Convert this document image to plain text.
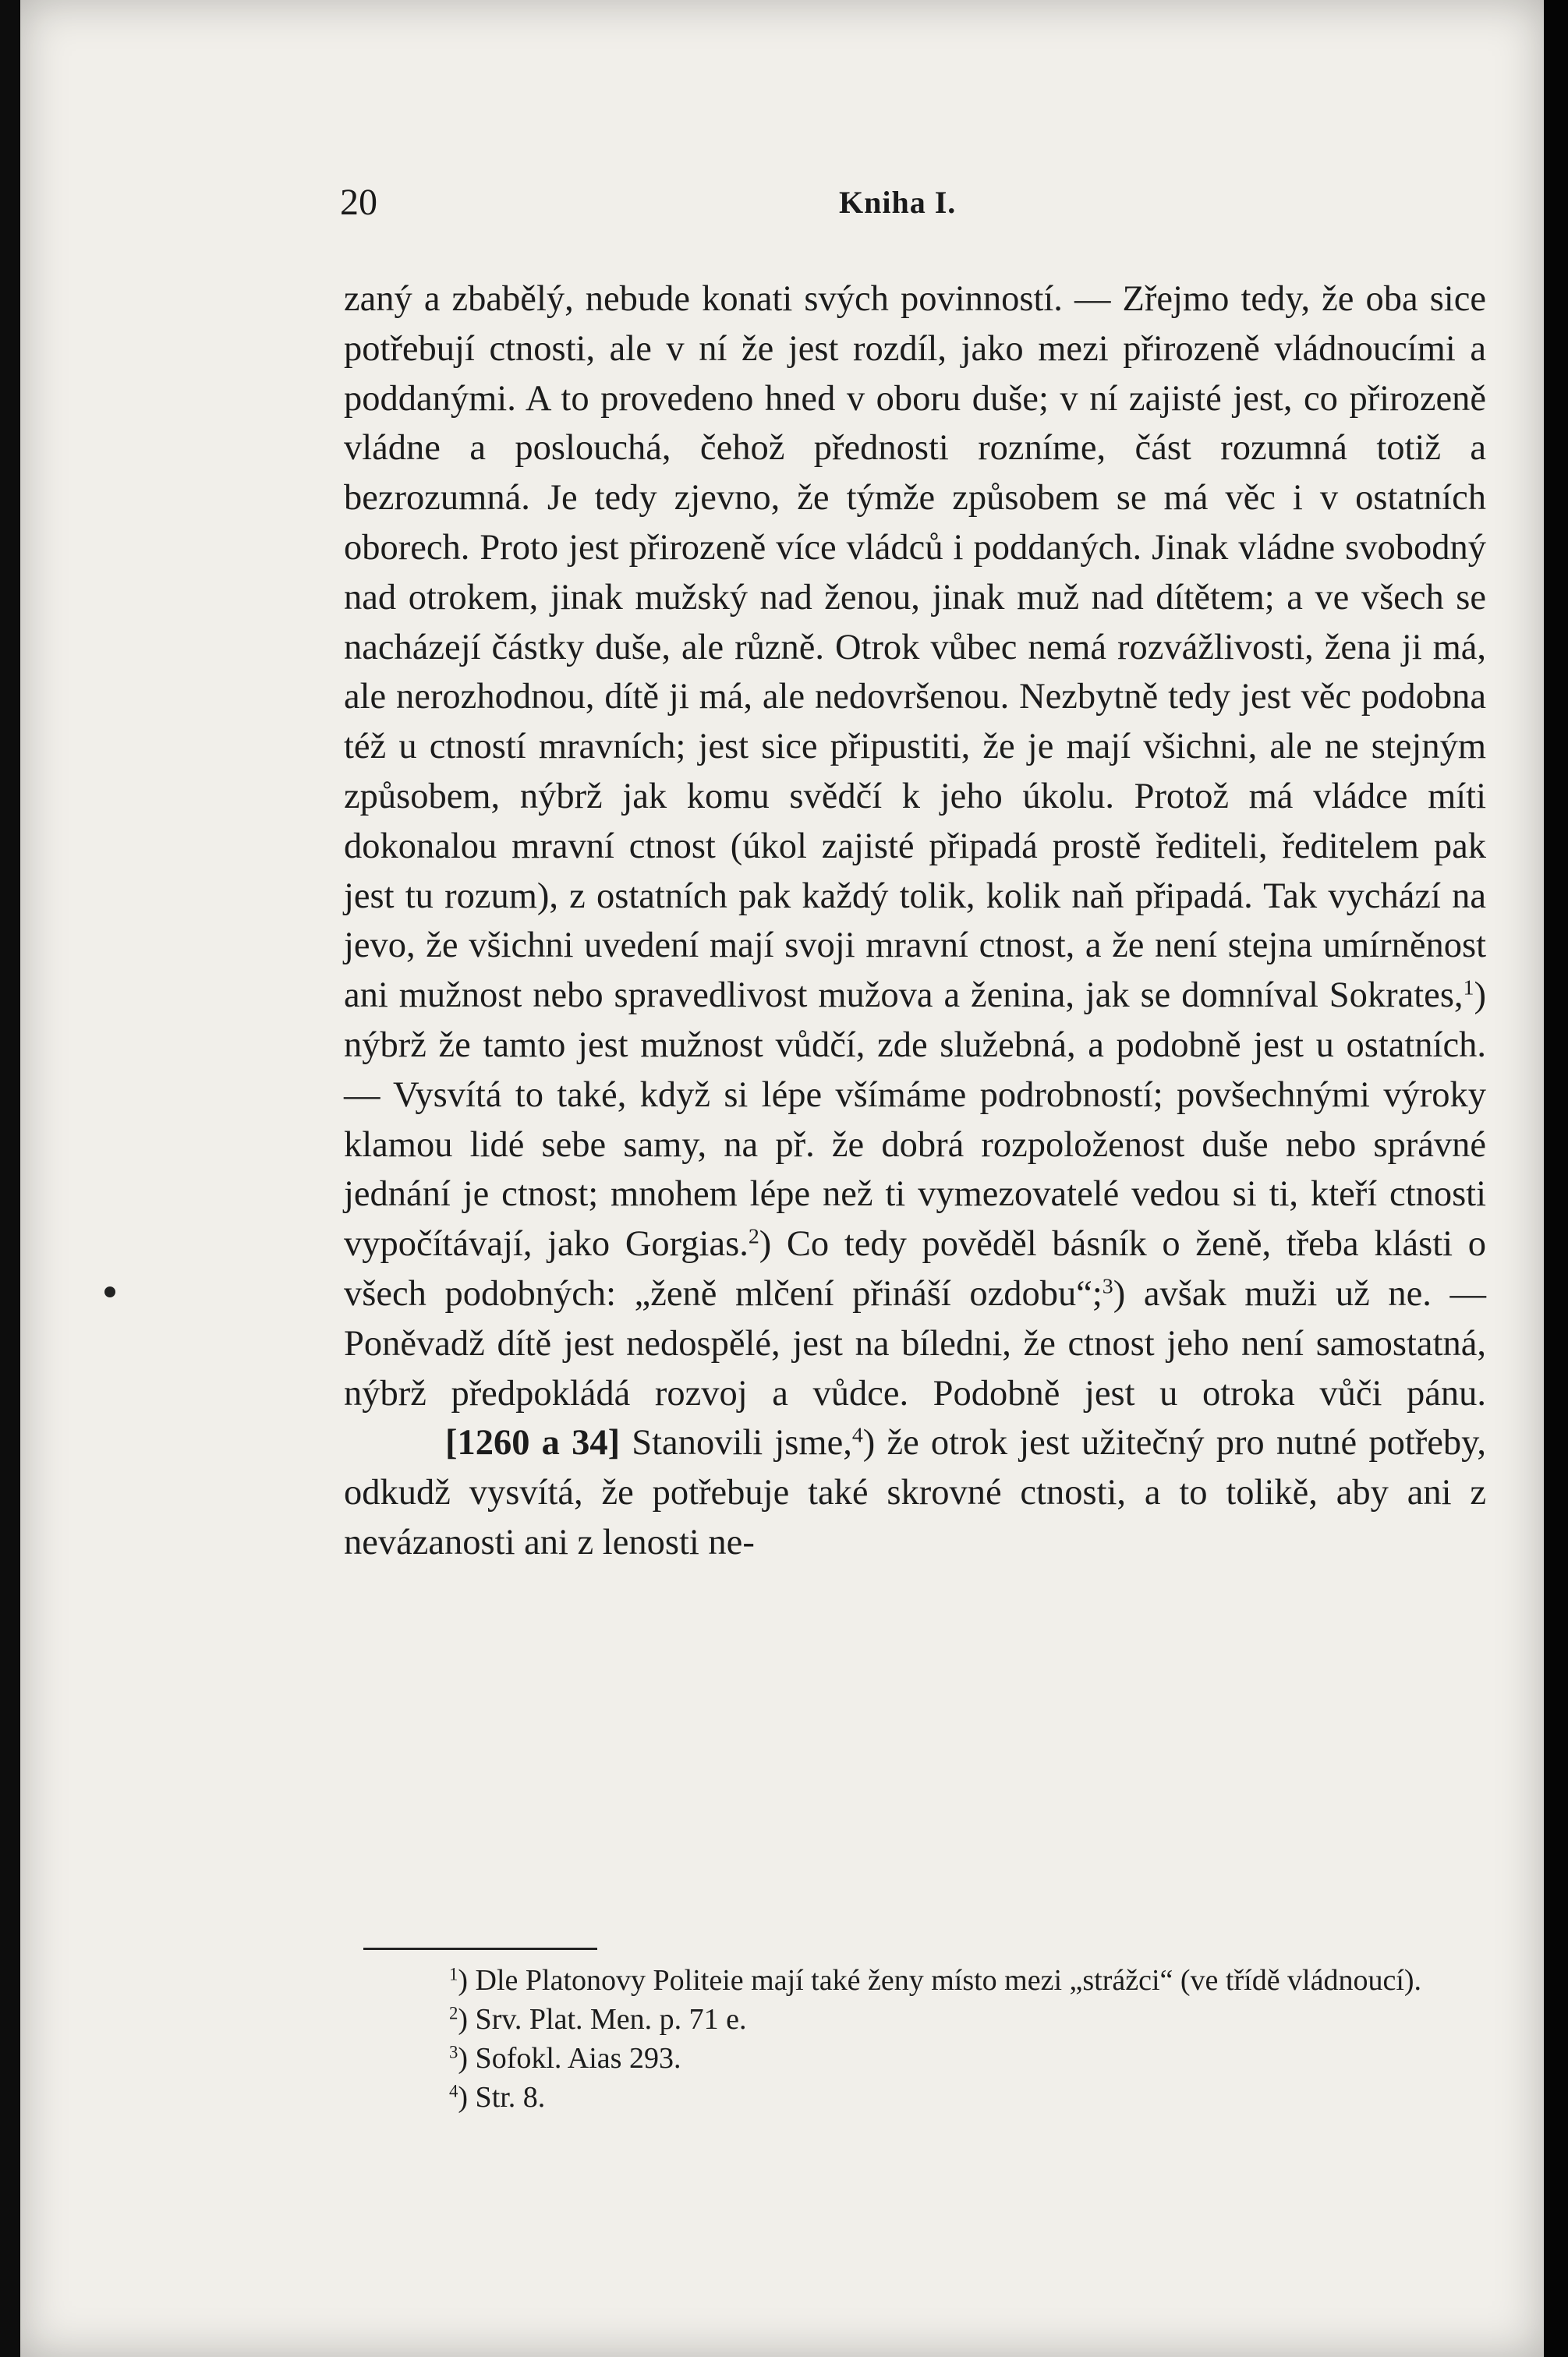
20	Kniha I.

zaný a zbabělý, nebude konati svých povinností. — Zřejmo tedy, že oba sice potřebují ctnosti, ale v ní že jest rozdíl, jako mezi přirozeně vládnoucími a poddanými. A to provedeno hned v oboru duše; v ní zajisté jest, co přirozeně vládne a poslouchá, čehož přednosti rozníme, část rozumná totiž a bezrozumná. Je tedy zjevno, že týmže způsobem se má věc i v ostatních oborech. Proto jest přirozeně více vládců i poddaných. Jinak vládne svobodný nad otrokem, jinak mužský nad ženou, jinak muž nad dítětem; a ve všech se nacházejí částky duše, ale různě. Otrok vůbec nemá rozvážlivosti, žena ji má, ale nerozhodnou, dítě ji má, ale nedovršenou. Nezbytně tedy jest věc podobna též u ctností mravních; jest sice připustiti, že je mají všichni, ale ne stejným způsobem, nýbrž jak komu svědčí k jeho úkolu. Protož má vládce míti dokonalou mravní ctnost (úkol zajisté připadá prostě řediteli, ředitelem pak jest tu rozum), z ostatních pak každý tolik, kolik naň připadá. Tak vychází na jevo, že všichni uvedení mají svoji mravní ctnost, a že není stejna umírněnost ani mužnost nebo spravedlivost mužova a ženina, jak se domníval Sokrates,$^1$) nýbrž že tamto jest mužnost vůdčí, zde služebná, a podobně jest u ostatních. — Vysvítá to také, když si lépe všímáme podrobností; povšechnými výroky klamou lidé sebe samy, na př. že dobrá rozpoloženost duše nebo správné jednání je ctnost; mnohem lépe než ti vymezovatelé vedou si ti, kteří ctnosti vypočítávají, jako Gorgias.$^2$) Co tedy pověděl básník o ženě, třeba klásti o všech podobných: „ženě mlčení přináší ozdobu“;$^3$) avšak muži už ne. — Poněvadž dítě jest nedospělé, jest na bíledni, že ctnost jeho není samostatná, nýbrž předpokládá rozvoj a vůdce. Podobně jest u otroka vůči pánu.

[1260 a 34] Stanovili jsme,$^4$) že otrok jest užitečný pro nutné potřeby, odkudž vysvítá, že potřebuje také skrovné ctnosti, a to tolikě, aby ani z nevázanosti ani z lenosti ne-

$^1$) Dle Platonovy Politeie mají také ženy místo mezi „strážci“ (ve třídě vládnoucí).

$^2$) Srv. Plat. Men. p. 71 e.

$^3$) Sofokl. Aias 293.

$^4$) Str. 8.
